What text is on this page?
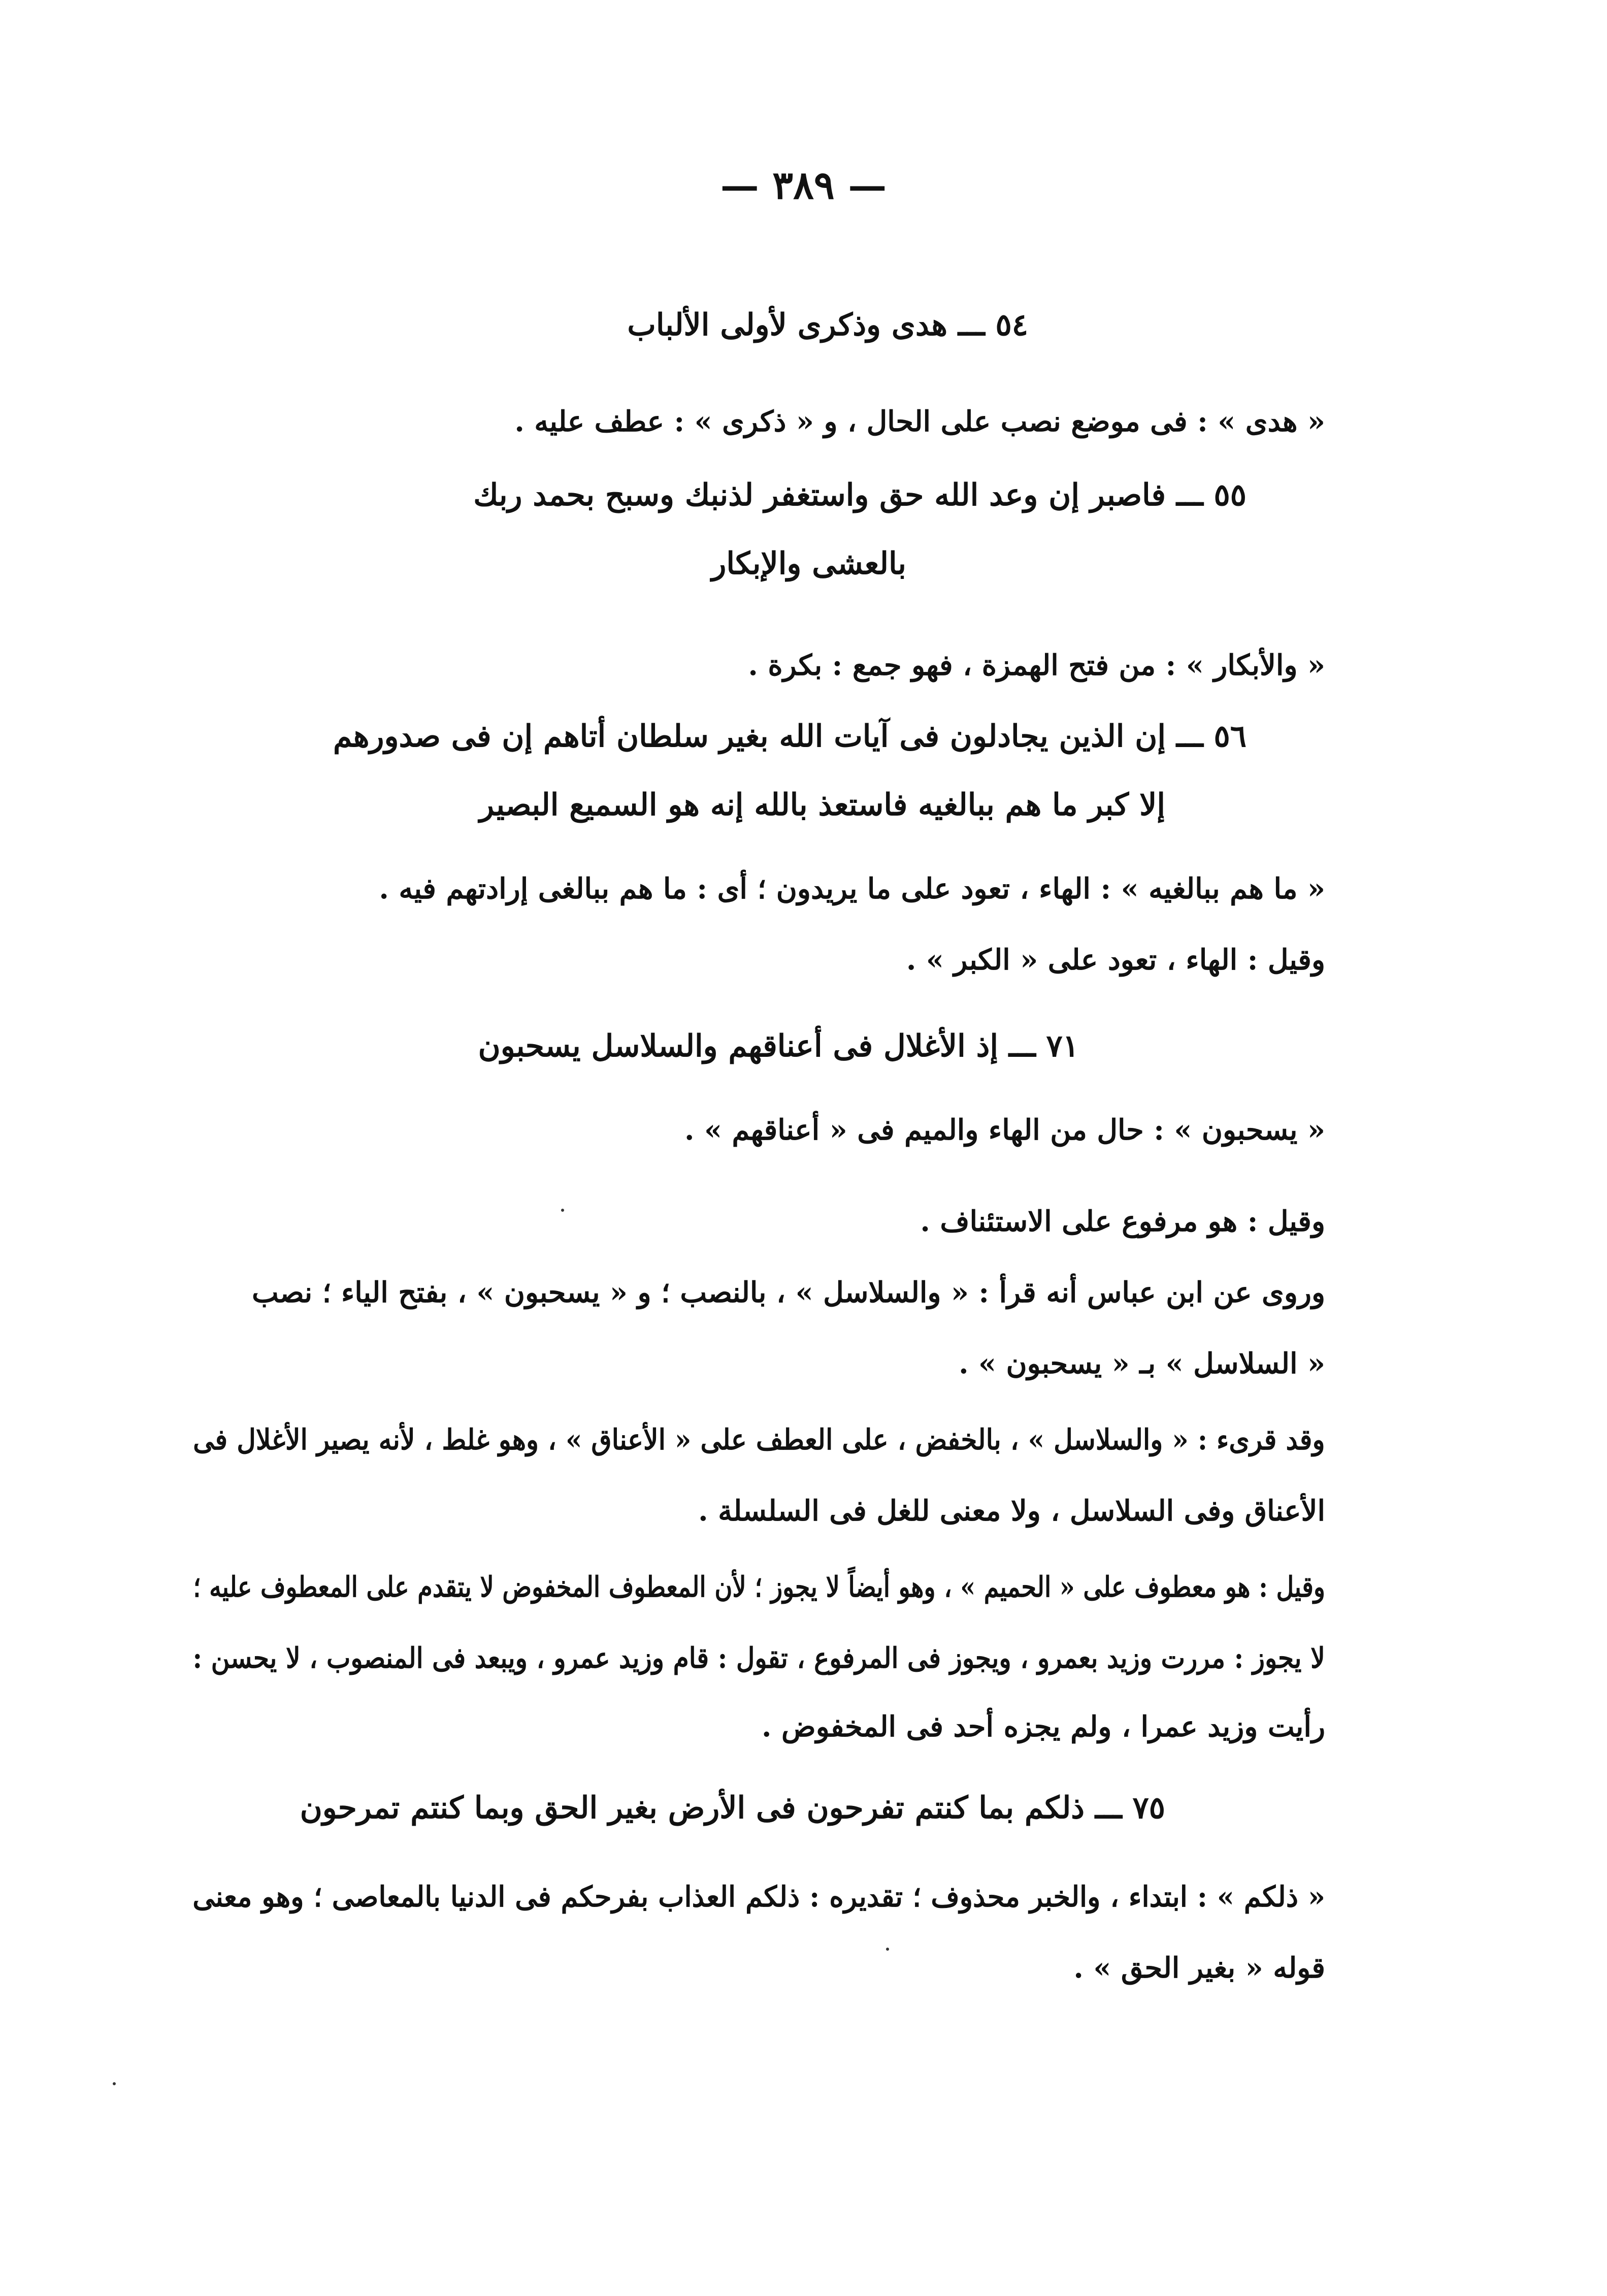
— ٣٨٩ —
٥٤ ـــ هدى وذكرى لأولى الألباب
« هدى » : فى موضع نصب على الحال ، و « ذكرى » : عطف عليه .
٥٥ ـــ فاصبر إن وعد الله حق واستغفر لذنبك وسبح بحمد ربك
بالعشى والإبكار
« والأبكار » : من فتح الهمزة ، فهو جمع : بكرة .
٥٦ ـــ إن الذين يجادلون فى آيات الله بغير سلطان أتاهم إن فى صدورهم
إلا كبر ما هم ببالغيه فاستعذ بالله إنه هو السميع البصير
« ما هم ببالغيه » : الهاء ، تعود على ما يريدون ؛ أى : ما هم ببالغى إرادتهم فيه .
وقيل : الهاء ، تعود على « الكبر » .
٧١ ـــ إذ الأغلال فى أعناقهم والسلاسل يسحبون
« يسحبون » : حال من الهاء والميم فى « أعناقهم » .
وقيل : هو مرفوع على الاستئناف .
وروى عن ابن عباس أنه قرأ : « والسلاسل » ، بالنصب ؛ و « يسحبون » ، بفتح الياء ؛ نصب
« السلاسل » بـ « يسحبون » .
وقد قرىء : « والسلاسل » ، بالخفض ، على العطف على « الأعناق » ، وهو غلط ، لأنه يصير الأغلال فى
الأعناق وفى السلاسل ، ولا معنى للغل فى السلسلة .
وقيل : هو معطوف على « الحميم » ، وهو أيضاً لا يجوز ؛ لأن المعطوف المخفوض لا يتقدم على المعطوف عليه ؛
لا يجوز : مررت وزيد بعمرو ، ويجوز فى المرفوع ، تقول : قام وزيد عمرو ، ويبعد فى المنصوب ، لا يحسن :
رأيت وزيد عمرا ، ولم يجزه أحد فى المخفوض .
٧٥ ـــ ذلكم بما كنتم تفرحون فى الأرض بغير الحق وبما كنتم تمرحون
« ذلكم » : ابتداء ، والخبر محذوف ؛ تقديره : ذلكم العذاب بفرحكم فى الدنيا بالمعاصى ؛ وهو معنى
قوله « بغير الحق » .
